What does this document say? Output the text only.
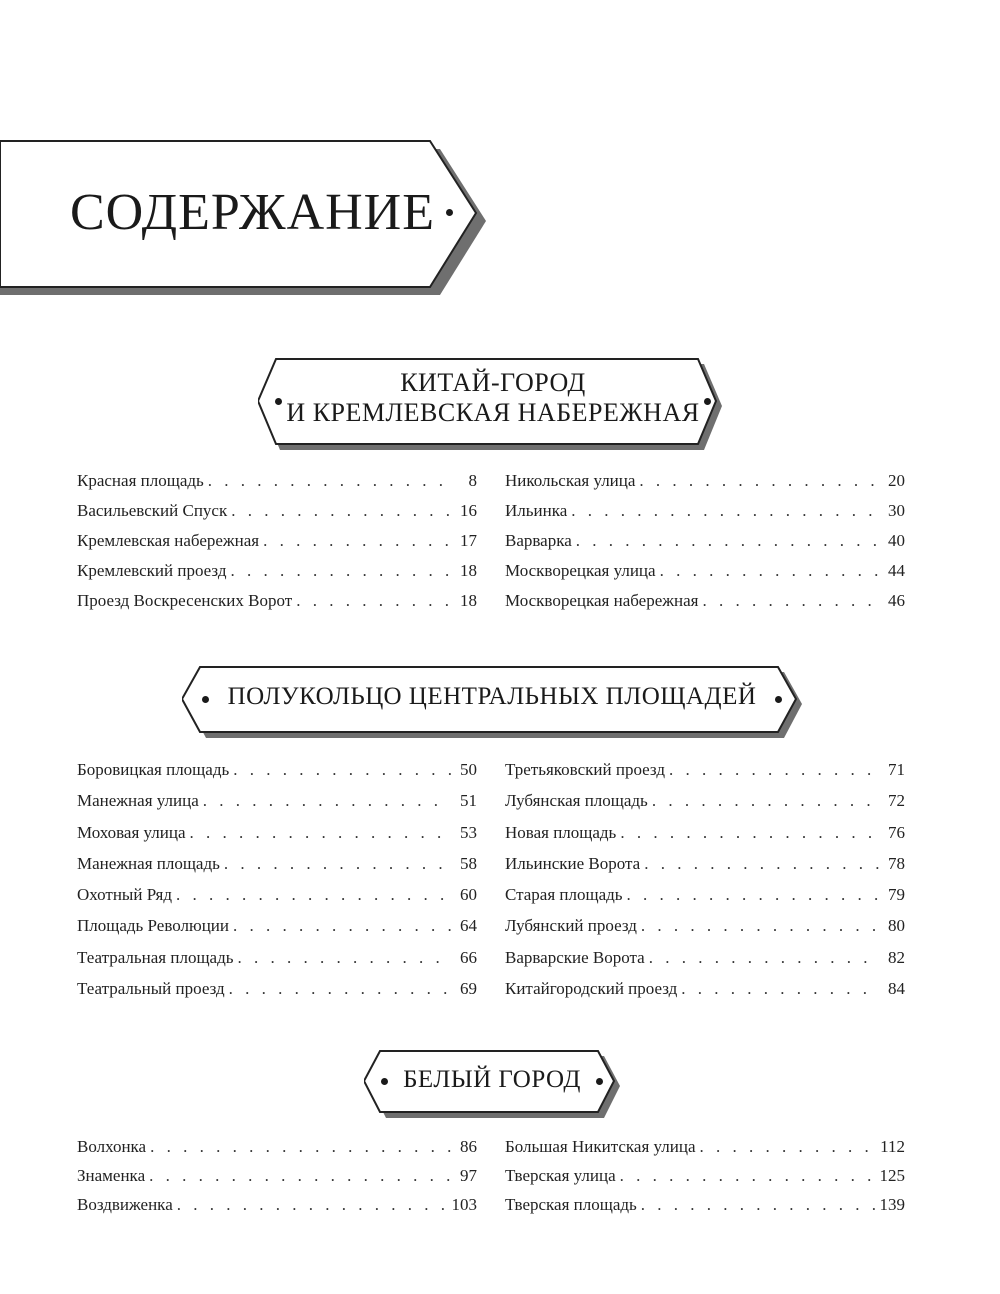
СОДЕРЖАНИЕ
КИТАЙ-ГОРОД
И КРЕМЛЕВСКАЯ НАБЕРЕЖНАЯ
Красная площадь . . .	8
Васильевский Спуск . . .	16
Кремлевская набережная . . .	17
Кремлевский проезд . . .	18
Проезд Воскресенских Ворот . . .	18
Никольская улица . . .	20
Ильинка . . .	30
Варварка . . .	40
Москворецкая улица . . .	44
Москворецкая набережная . . .	46
ПОЛУКОЛЬЦО ЦЕНТРАЛЬНЫХ ПЛОЩАДЕЙ
Боровицкая площадь . . .	50
Манежная улица . . .	51
Моховая улица . . .	53
Манежная площадь . . .	58
Охотный Ряд . . .	60
Площадь Революции . . .	64
Театральная площадь . . .	66
Театральный проезд . . .	69
Третьяковский проезд . . .	71
Лубянская площадь . . .	72
Новая площадь . . .	76
Ильинские Ворота . . .	78
Старая площадь . . .	79
Лубянский проезд . . .	80
Варварские Ворота . . .	82
Китайгородский проезд . . .	84
БЕЛЫЙ ГОРОД
Волхонка . . .	86
Знаменка . . .	97
Воздвиженка . . .	103
Большая Никитская улица . . .	112
Тверская улица . . .	125
Тверская площадь . . .	139
